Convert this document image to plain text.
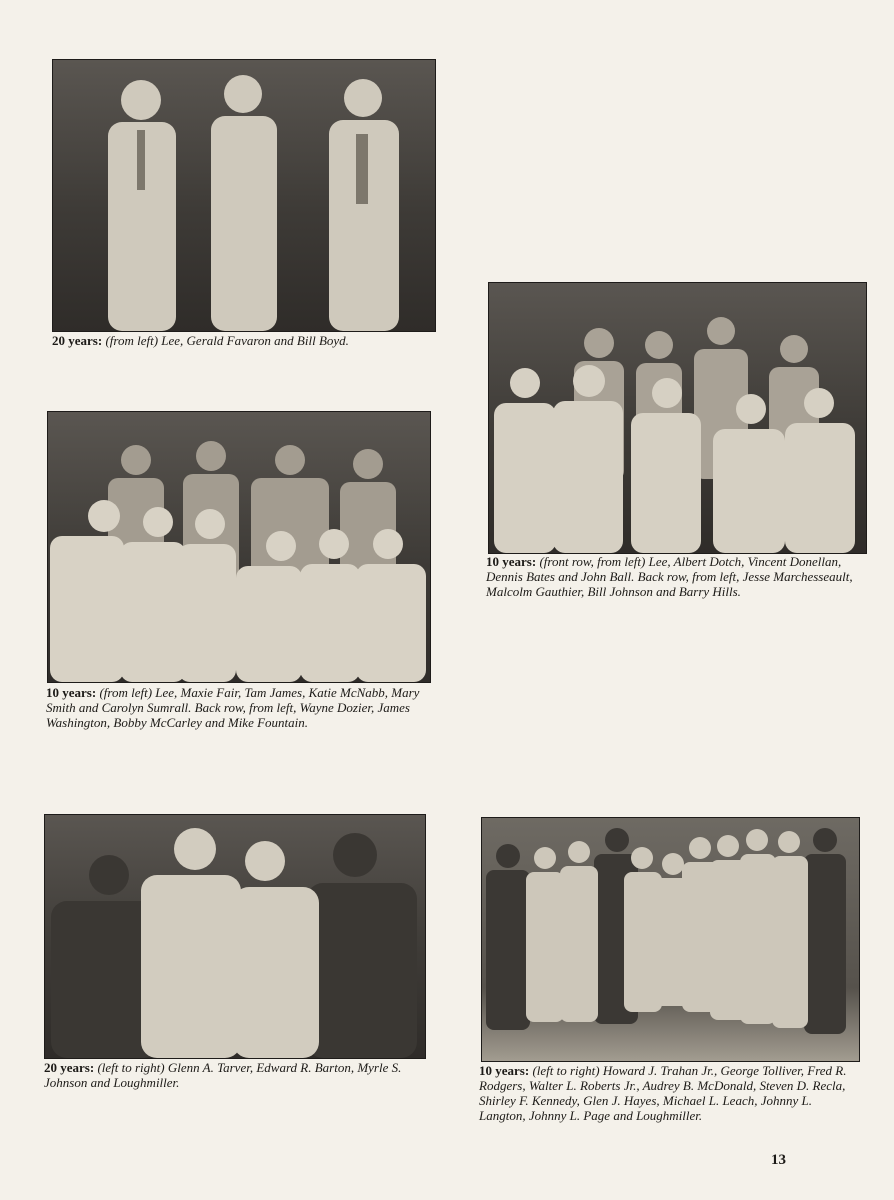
20 years: (from left) Lee, Gerald Favaron and Bill Boyd.

10 years: (front row, from left) Lee, Albert Dotch, Vincent Donellan, Dennis Bates and John Ball. Back row, from left, Jesse Marchesseault, Malcolm Gauthier, Bill Johnson and Barry Hills.

10 years: (from left) Lee, Maxie Fair, Tam James, Katie McNabb, Mary Smith and Carolyn Sumrall. Back row, from left, Wayne Dozier, James Washington, Bobby McCarley and Mike Fountain.

20 years: (left to right) Glenn A. Tarver, Edward R. Barton, Myrle S. Johnson and Loughmiller.

10 years: (left to right) Howard J. Trahan Jr., George Tolliver, Fred R. Rodgers, Walter L. Roberts Jr., Audrey B. McDonald, Steven D. Recla, Shirley F. Kennedy, Glen J. Hayes, Michael L. Leach, Johnny L. Langton, Johnny L. Page and Loughmiller.

13
